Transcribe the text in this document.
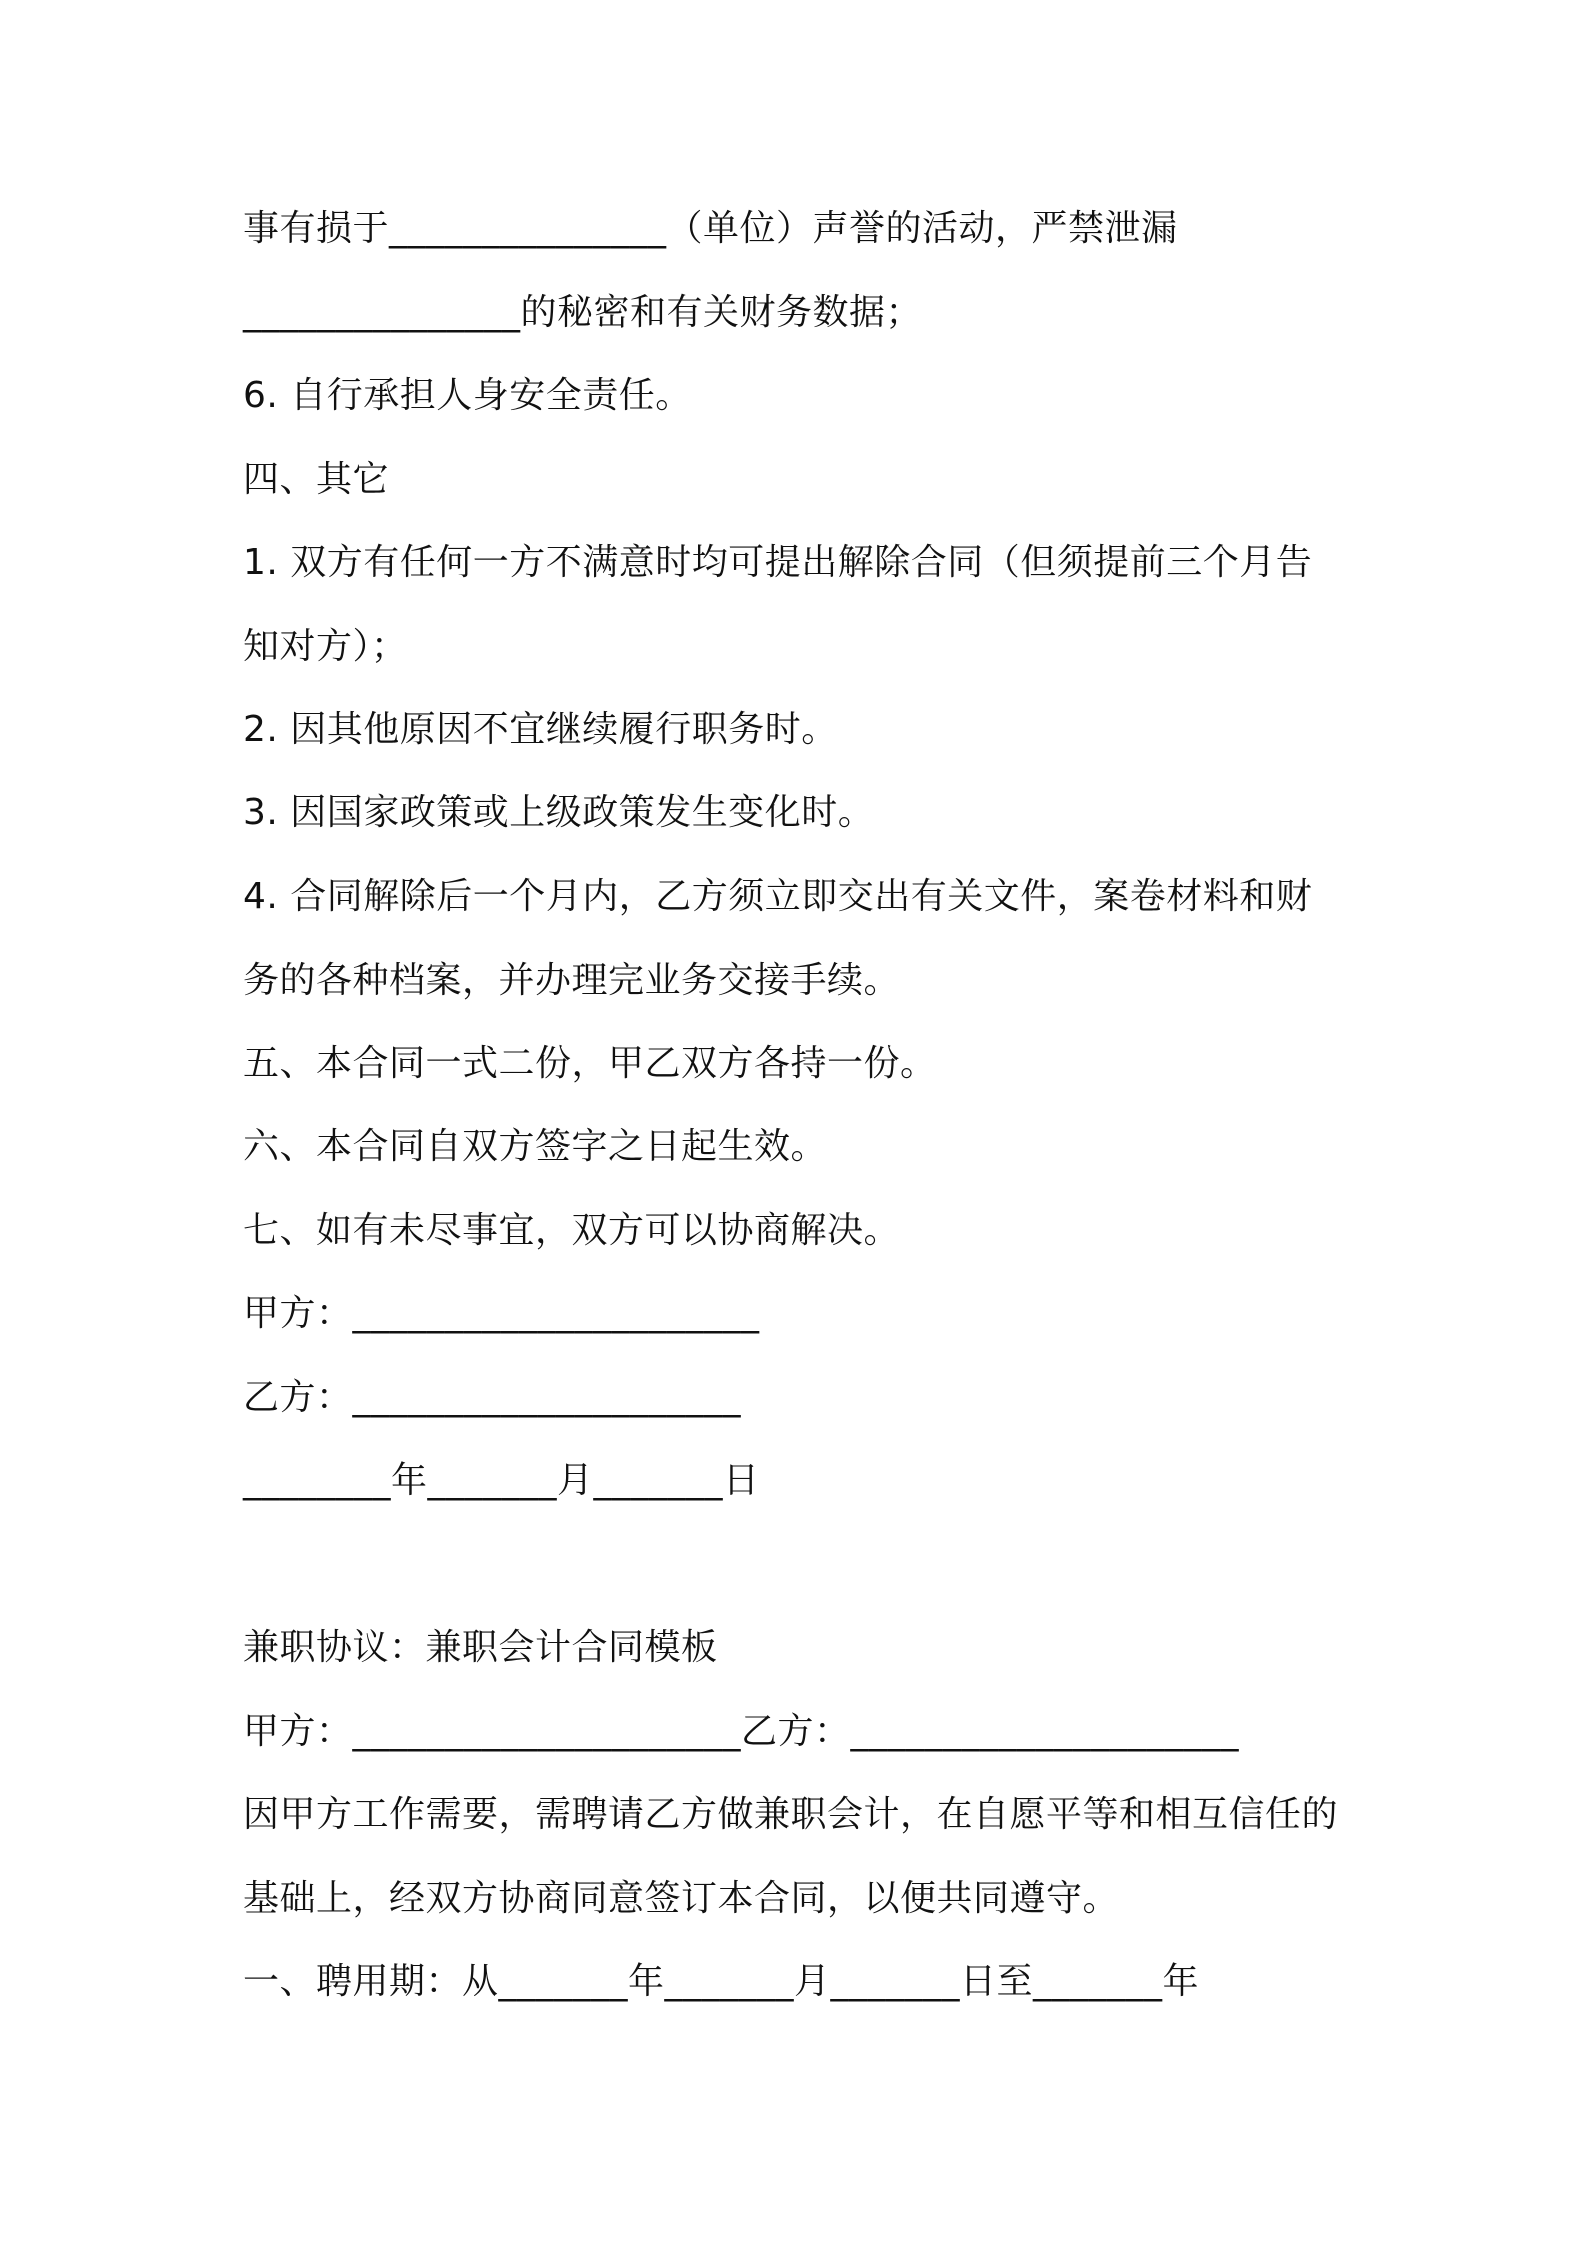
事有损于_______________（单位）声誉的活动，严禁泄漏
_______________的秘密和有关财务数据；
6. 自行承担人身安全责任。
四、其它
1. 双方有任何一方不满意时均可提出解除合同（但须提前三个月告
知对方）；
2. 因其他原因不宜继续履行职务时。
3. 因国家政策或上级政策发生变化时。
4. 合同解除后一个月内，乙方须立即交出有关文件，案卷材料和财
务的各种档案，并办理完业务交接手续。
五、本合同一式二份，甲乙双方各持一份。
六、本合同自双方签字之日起生效。
七、如有未尽事宜，双方可以协商解决。
甲方：______________________
乙方：_____________________
________年_______月_______日
兼职协议：兼职会计合同模板
甲方：_____________________乙方：_____________________
因甲方工作需要，需聘请乙方做兼职会计，在自愿平等和相互信任的
基础上，经双方协商同意签订本合同，以便共同遵守。
一、聘用期：从_______年_______月_______日至_______年
